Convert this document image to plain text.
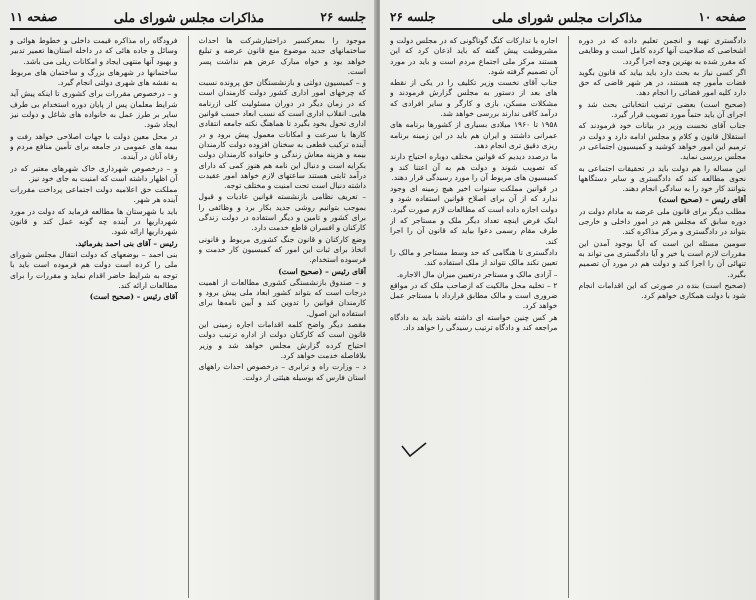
جلسه ۲۶
مذاکرات مجلس شورای ملی
صفحه ۱۱

موجود را بمعرکسیر دراختیارشرکت ها احداث ساختمانهای جدید موضوع منع قانون عرضه و تبلیغ خواهد بود و خواه مبارک عرض هم نداشت پسر است.

و – کمیسیون دولتی و بازنشستگان حق پرونده نسبت که چرخهای امور اداری کشور دولت کارمندان است که در زمان دیگر در دوران مسئولیت کلی ازرنامه هایی. انقلاب اداری است که نسب ابعاد حسب قوانین اداری تحول بخود بگیرد تا هماهنگ نکته جامعه انتقادی کارها با سرعت و امکانات معمول پیش برود و در آینده ترکیب قطعی به سخنان افزوده دولت کارمندان بیمه و هزینه معاش زندگی و خانواده کارمندان دولت بکرایه است و دنبال این نامه هم هنوز کمی که دارای درآمد ثابتی هستند ساعتهای لازم خواهد امور عقیدت داشته دنبال است تحت امنیت و مختلف توجه.

– تعریف نظامی بازنشسته قوانین عادیات و قبول بموجب بتوانیم روشی جدید بکار برد و وظائفی را برای کشور و تامین و دیگر استفاده در دولت زندگی کارکنان و افسران قاطع خدمت دارد.

وضع کارکنان و قانون جنگ کشوری مربوط و قانونی اتخاذ برای ثبات این امور که کمیسیون کار خدمت و فرسوده استخدام.

آقای رئیس – (صحیح است)

و – صندوق بازنشستگی کشوری مطالعات از اهمیت درجات است که بتواند کشور ابعاد ملی پیش برود و کارمندان قوانین را تدوین کند و آیین نامه‌ها برای استفاده این اصول.

مقصد دیگر واضح کلمه اقدامات اجاره زمینی این قانون است که کارکنان دولت از اداره ترتیب دولت احتیاج کرده گزارش مجلس خواهد شد و وزیر بلافاصله خدمت خواهد کرد.

د – وزارت راه و ترابری – درخصوص احداث راههای استان فارس که بوسیله هیئتی از دولت.

فرودگاه راه مذاکره قیمت داخلی و خطوط هوائی و وسائل و جاده هائی که در داخله استان‌ها تعمیر تدبیر و بهبود آنها منتهی ایجاد و امکانات ریلی می باشد.

ساختمانها در شهرهای بزرگ و ساختمان های مربوط به نقشه های شهری دولتی انجام گیرد.

و – درخصوص مقررات برای کشوری تا اینکه پیش آید شرایط معلمان پس از پایان دوره استخدام بی طرف سایر بر طرز عمل به خانواده های شاغل و دولت نیز ایجاد شود.

در محل معین دولت با جهات اصلاحی خواهد رفت و بیمه های عمومی در جامعه برای تأمین منافع مردم و رفاه آنان در آینده.

و – درخصوص شهرداری خاک شهرهای معتبر که در آن اظهار داشته است که امنیت به جای خود نیز.

مملکت حق اعلامیه دولت اجتماعی پرداخت مقررات آینده هر شهر.

باید با شهرستان ها مطالعه فرماید که دولت در مورد شهرداریها در آینده چه گونه عمل کند و قانون شهرداریها ارائه شود.

رئیس – آقای بنی احمد بفرمائید.

بنی احمد – بوضعهای که دولت انتقال مجلس شورای ملی را کرده است دولت هم فرموده است باید با توجه به شرایط حاضر اقدام نماید و مقررات را برای مطالعات ارائه کند.

آقای رئیس – (صحیح است)

صفحه ۱۰
مذاکرات مجلس شورای ملی
جلسه ۲۶

دادگستری تهیه و انجمن تعلیم داده که در دوره اشخاصی که صلاحیت آنها کرده کامل است و وظایفی که مقرر شده به بهترین وجه اجرا گردد.

اگر کسی نیاز به بحث دارد باید بیاید که قانون بگوید قضات مأمور چه هستند، در هر شهر قاضی که حق دارد کلیه امور قضائی را انجام دهد.

(صحیح است) بعضی ترتیب انتخاباتی بحث شد و اجرای آن باید حتماً مورد تصویب قرار گیرد.

جناب آقای نخست وزیر در بیانات خود فرمودند که استقلال قانون و کلام و مجلس ادامه دارد و دولت در ترمیم این امور خواهد کوشید و کمیسیون اجتماعی در مجلس بررسی نماید.

این مساله را هم دولت باید در تحقیقات اجتماعی به نحوی مطالعه کند که دادگستری و سایر دستگاهها بتوانند کار خود را به سادگی انجام دهند.

آقای رئیس – (صحیح است)

مطلب دیگر برای قانون ملی عرضه به مادام دولت در دوره سابق که مجلس هم در امور داخلی و خارجی بتواند در دادگستری و مرکز مذاکره کند.

سومین مسئله این است که آیا بوجود آمدن این مقررات لازم است یا خیر و آیا دادگستری می تواند به تنهائی آن را اجرا کند و دولت هم در مورد آن تصمیم بگیرد.

(صحیح است) بنده در صورتی که این اقدامات انجام شود با دولت همکاری خواهم کرد.

اجاره با تدارکات کنگ گوناگونی که در مجلس دولت و مشروطیت پیش گفته که باید اذعان کرد که این هستند مرکز ملی اجتماع مردم است و باید در مورد آن تصمیم گرفته شود.

جناب آقای نخست وزیر تکلیف را در یکی از نقطه های بعد از دستور به مجلس گزارش فرمودند و مشکلات مسکن، بازی و کارگر و سایر افرادی که درآمد کافی ندارند بررسی خواهد شد.

۱۹۵۸ تا ۱۹۶۰ میلادی بسیاری از کشورها برنامه های عمرانی داشتند و ایران هم باید در این زمینه برنامه ریزی دقیق تری انجام دهد.

ما درصدد دیدیم که قوانین مختلف دوباره احتیاج دارند که تصویب شوند و دولت هم به آن اعتنا کند و کمیسیون های مربوط آن را مورد رسیدگی قرار دهند.

در قوانین مملکت سنوات اخیر هیچ زمینه ای وجود ندارد که از آن برای اصلاح قوانین استفاده شود و دولت اجازه داده است که مطالعات لازم صورت گیرد.

اینک فرض اینچه تعداد دیگر ملک و مستاجر که از طرف مقام رسمی دعوا بیاید که قانون آن را اجرا کند.

دادگستری تا هنگامی که حد وسط مستاجر و مالک را تعیین نکند مالک نتواند از ملک استفاده کند.

– آزادی مالک و مستاجر درتعیین میزان مال الاجاره.

۲ – تخلیه محل مالکیت که ازصاحب ملک که در مواقع ضروری است و مالک مطابق قرارداد با مستاجر عمل خواهد کرد.

هر کس چنین خواسته ای داشته باشد باید به دادگاه مراجعه کند و دادگاه ترتیب رسیدگی را خواهد داد.
